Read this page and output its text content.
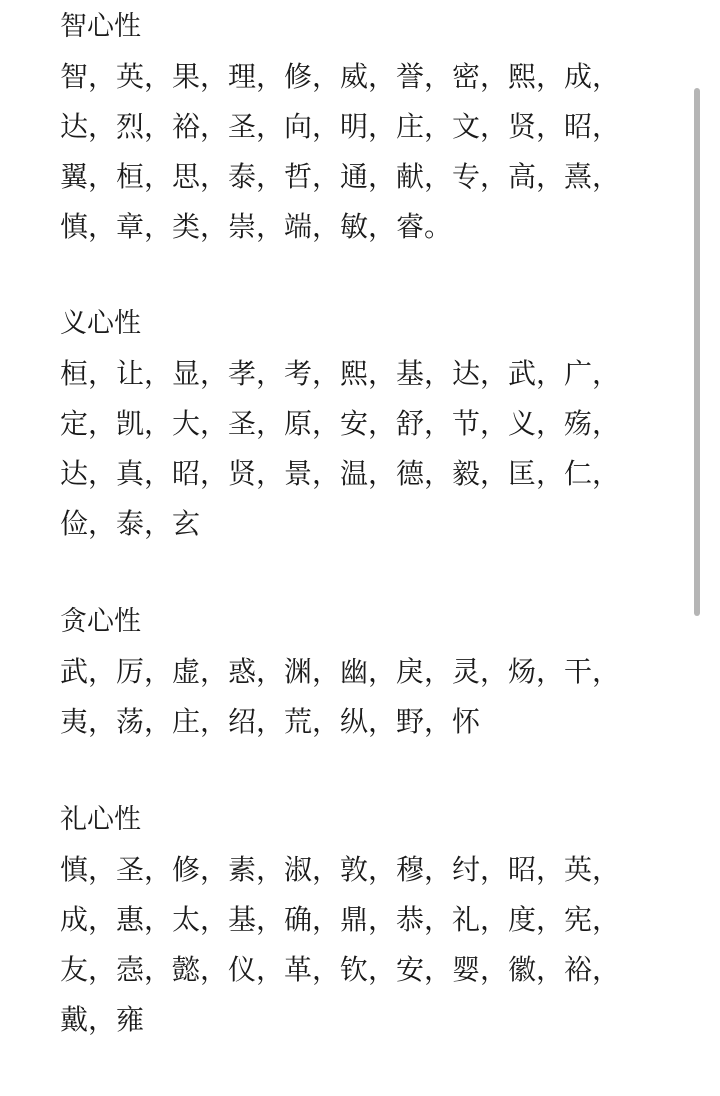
智心性
智，英，果，理，修，威，誉，密，熙，成，
达，烈，裕，圣，向，明，庄，文，贤，昭，
翼，桓，思，泰，哲，通，献，专，高，熹，
慎，章，类，崇，端，敏，睿。
义心性
桓，让，显，孝，考，熙，基，达，武，广，
定，凯，大，圣，原，安，舒，节，义，殇，
达，真，昭，贤，景，温，德，毅，匡，仁，
俭，泰，玄
贪心性
武，厉，虚，惑，渊，幽，戾，灵，炀，干，
夷，荡，庄，绍，荒，纵，野，怀
礼心性
慎，圣，修，素，淑，敦，穆，纣，昭，英，
成，惠，太，基，确，鼎，恭，礼，度，宪，
友，悫，懿，仪，革，钦，安，婴，徽，裕，
戴，雍
